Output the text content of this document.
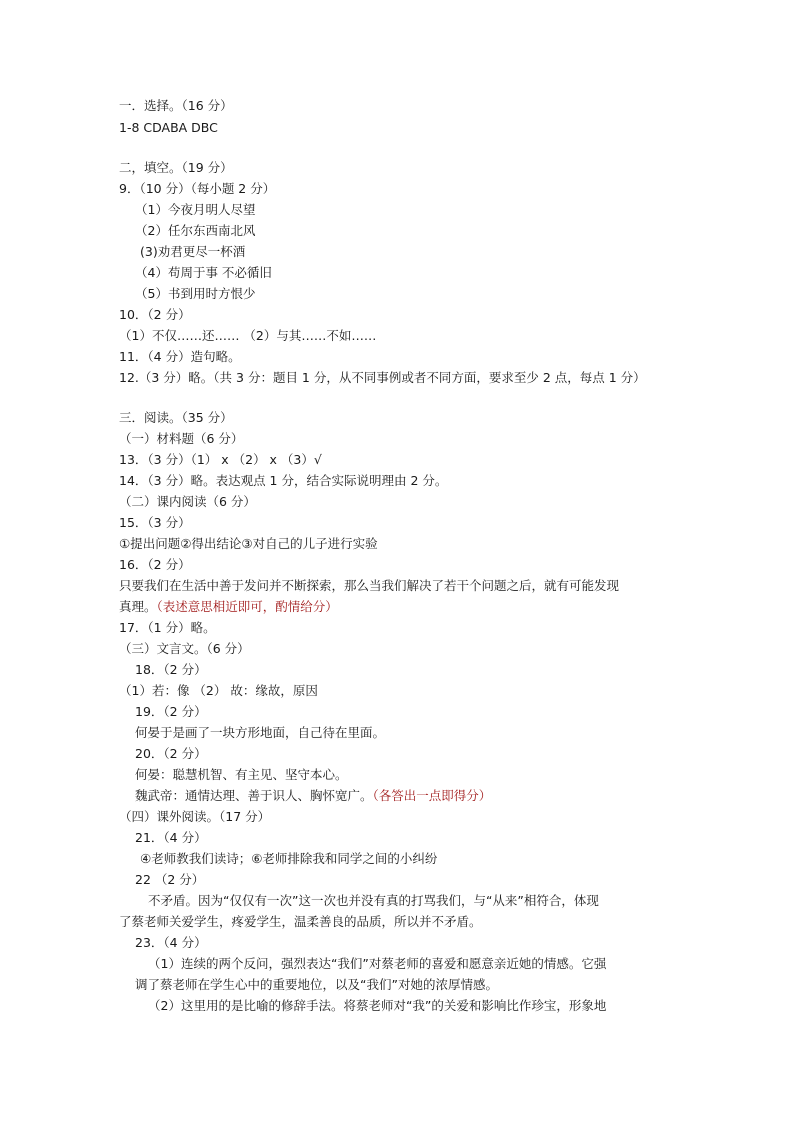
一．选择。（16 分）
1-8 CDABA DBC
二，填空。（19 分）
9．（10 分）（每小题 2 分）
（1）今夜月明人尽望
（2）任尔东西南北风
(3)劝君更尽一杯酒
（4）苟周于事 不必循旧
（5）书到用时方恨少
10．（2 分）
（1）不仅……还…… （2）与其……不如……
11．（4 分）造句略。
12.（3 分）略。（共 3 分：题目 1 分，从不同事例或者不同方面，要求至少 2 点，每点 1 分）
三．阅读。（35 分）
（一）材料题（6 分）
13．（3 分）（1） x （2） x （3）√
14．（3 分）略。表达观点 1 分，结合实际说明理由 2 分。
（二）课内阅读（6 分）
15．（3 分）
①提出问题②得出结论③对自己的儿子进行实验
16．（2 分）
只要我们在生活中善于发问并不断探索，那么当我们解决了若干个问题之后，就有可能发现
真理。（表述意思相近即可，酌情给分）
17．（1 分）略。
（三）文言文。（6 分）
18．（2 分）
（1）若：像 （2） 故：缘故，原因
19．（2 分）
何晏于是画了一块方形地面，自己待在里面。
20．（2 分）
何晏：聪慧机智、有主见、坚守本心。
魏武帝：通情达理、善于识人、胸怀宽广。（各答出一点即得分）
（四）课外阅读。（17 分）
21．（4 分）
④老师教我们读诗；⑥老师排除我和同学之间的小纠纷
22 （2 分）
不矛盾。因为“仅仅有一次”这一次也并没有真的打骂我们，与“从来”相符合，体现
了蔡老师关爱学生，疼爱学生，温柔善良的品质，所以并不矛盾。
23．（4 分）
（1）连续的两个反问，强烈表达“我们”对蔡老师的喜爱和愿意亲近她的情感。它强
调了蔡老师在学生心中的重要地位，以及“我们”对她的浓厚情感。
（2）这里用的是比喻的修辞手法。将蔡老师对“我”的关爱和影响比作珍宝，形象地
